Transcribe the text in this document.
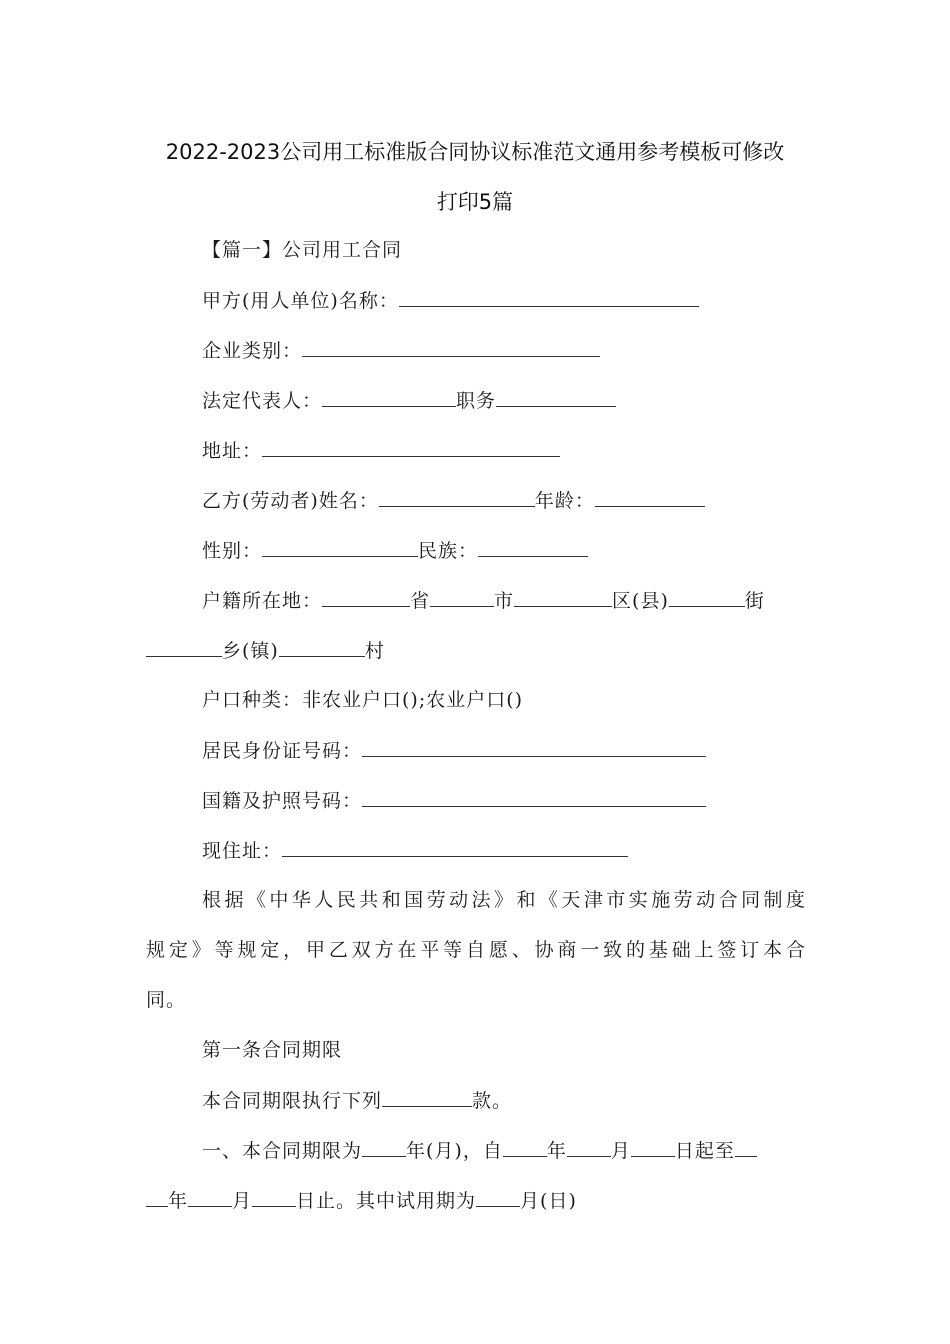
2022-2023公司用工标准版合同协议标准范文通用参考模板可修改
打印5篇
【篇一】公司用工合同
甲方(用人单位)名称：
企业类别：
法定代表人：	职务
地址：
乙方(劳动者)姓名：	年龄：
性别：	民族：
户籍所在地：	省	市	区(县)	街
乡(镇)	村
户口种类：非农业户口();农业户口()
居民身份证号码：
国籍及护照号码：
现住址：
根据《中华人民共和国劳动法》和《天津市实施劳动合同制度
规定》等规定，甲乙双方在平等自愿、协商一致的基础上签订本合
同。
第一条合同期限
本合同期限执行下列	款。
一、本合同期限为 年(月)，自 年 月 日起至
年 月 日止。其中试用期为 月(日)
